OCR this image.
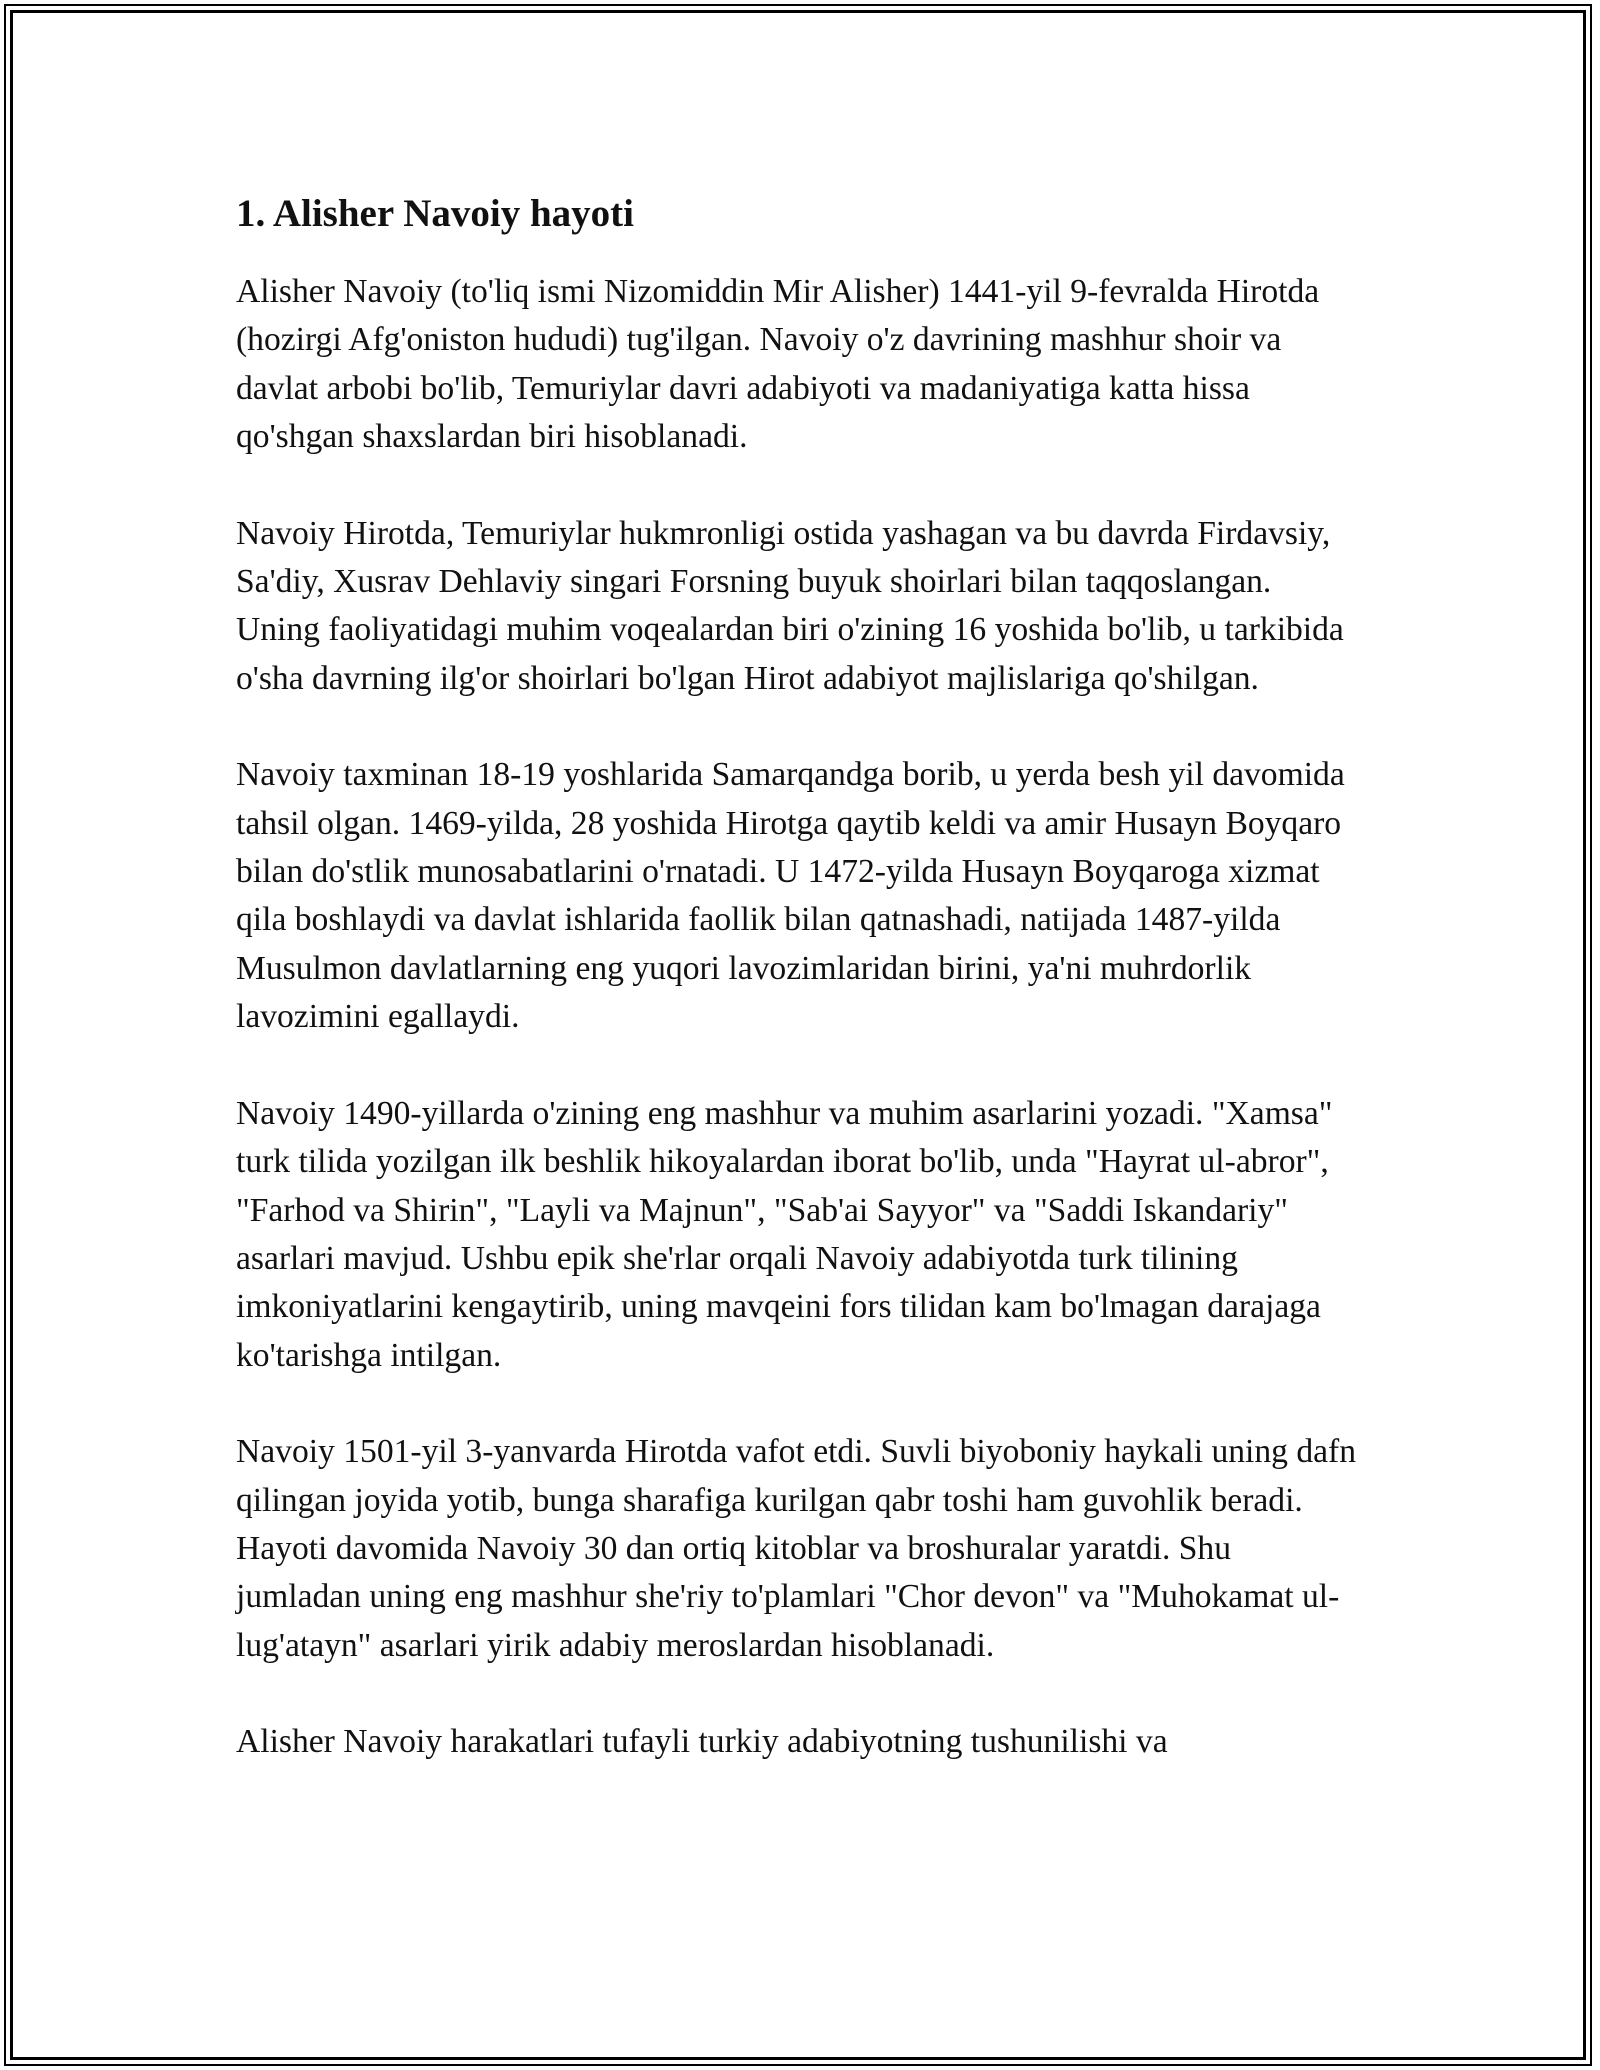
1. Alisher Navoiy hayoti

Alisher Navoiy (to'liq ismi Nizomiddin Mir Alisher) 1441-yil 9-fevralda Hirotda (hozirgi Afg'oniston hududi) tug'ilgan. Navoiy o'z davrining mashhur shoir va davlat arbobi bo'lib, Temuriylar davri adabiyoti va madaniyatiga katta hissa qo'shgan shaxslardan biri hisoblanadi.

Navoiy Hirotda, Temuriylar hukmronligi ostida yashagan va bu davrda Firdavsiy, Sa'diy, Xusrav Dehlaviy singari Forsning buyuk shoirlari bilan taqqoslangan. Uning faoliyatidagi muhim voqealardan biri o'zining 16 yoshida bo'lib, u tarkibida o'sha davrning ilg'or shoirlari bo'lgan Hirot adabiyot majlislariga qo'shilgan.

Navoiy taxminan 18-19 yoshlarida Samarqandga borib, u yerda besh yil davomida tahsil olgan. 1469-yilda, 28 yoshida Hirotga qaytib keldi va amir Husayn Boyqaro bilan do'stlik munosabatlarini o'rnatadi. U 1472-yilda Husayn Boyqaroga xizmat qila boshlaydi va davlat ishlarida faollik bilan qatnashadi, natijada 1487-yilda Musulmon davlatlarning eng yuqori lavozimlaridan birini, ya'ni muhrdorlik lavozimini egallaydi.

Navoiy 1490-yillarda o'zining eng mashhur va muhim asarlarini yozadi. "Xamsa" turk tilida yozilgan ilk beshlik hikoyalardan iborat bo'lib, unda "Hayrat ul-abror", "Farhod va Shirin", "Layli va Majnun", "Sab'ai Sayyor" va "Saddi Iskandariy" asarlari mavjud. Ushbu epik she'rlar orqali Navoiy adabiyotda turk tilining imkoniyatlarini kengaytirib, uning mavqeini fors tilidan kam bo'lmagan darajaga ko'tarishga intilgan.

Navoiy 1501-yil 3-yanvarda Hirotda vafot etdi. Suvli biyoboniy haykali uning dafn qilingan joyida yotib, bunga sharafiga kurilgan qabr toshi ham guvohlik beradi. Hayoti davomida Navoiy 30 dan ortiq kitoblar va broshuralar yaratdi. Shu jumladan uning eng mashhur she'riy to'plamlari "Chor devon" va "Muhokamat ul-lug'atayn" asarlari yirik adabiy meroslardan hisoblanadi.

Alisher Navoiy harakatlari tufayli turkiy adabiyotning tushunilishi va
